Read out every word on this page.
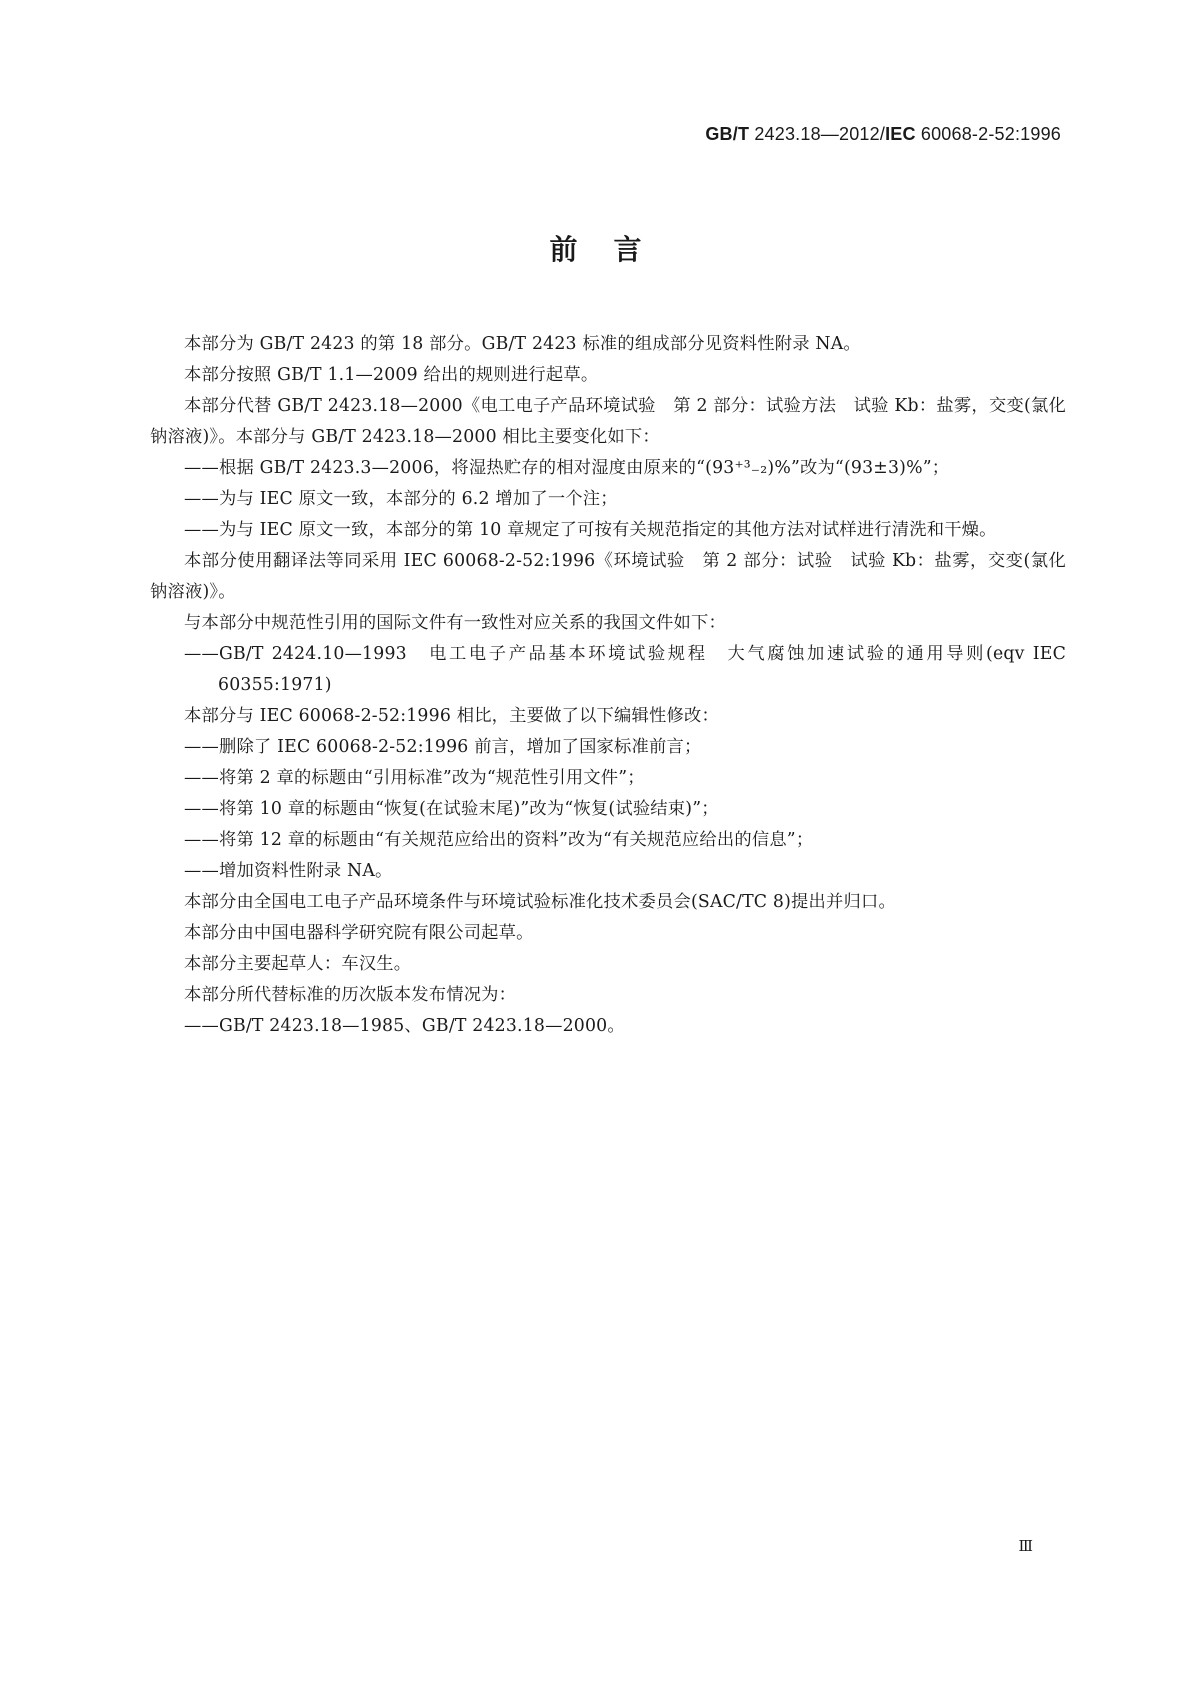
GB/T 2423.18—2012/IEC 60068-2-52:1996
前言

本部分为 GB/T 2423 的第 18 部分。GB/T 2423 标准的组成部分见资料性附录 NA。

本部分按照 GB/T 1.1—2009 给出的规则进行起草。

本部分代替 GB/T 2423.18—2000《电工电子产品环境试验　第 2 部分：试验方法　试验 Kb：盐雾，交变(氯化钠溶液)》。本部分与 GB/T 2423.18—2000 相比主要变化如下：

——根据 GB/T 2423.3—2006，将湿热贮存的相对湿度由原来的“(93⁺³₋₂)%”改为“(93±3)%”；

——为与 IEC 原文一致，本部分的 6.2 增加了一个注；

——为与 IEC 原文一致，本部分的第 10 章规定了可按有关规范指定的其他方法对试样进行清洗和干燥。

本部分使用翻译法等同采用 IEC 60068-2-52:1996《环境试验　第 2 部分：试验　试验 Kb：盐雾，交变(氯化钠溶液)》。

与本部分中规范性引用的国际文件有一致性对应关系的我国文件如下：

——GB/T 2424.10—1993　电工电子产品基本环境试验规程　大气腐蚀加速试验的通用导则(eqv IEC 60355:1971)

本部分与 IEC 60068-2-52:1996 相比，主要做了以下编辑性修改：

——删除了 IEC 60068-2-52:1996 前言，增加了国家标准前言；

——将第 2 章的标题由“引用标准”改为“规范性引用文件”；

——将第 10 章的标题由“恢复(在试验末尾)”改为“恢复(试验结束)”；

——将第 12 章的标题由“有关规范应给出的资料”改为“有关规范应给出的信息”；

——增加资料性附录 NA。

本部分由全国电工电子产品环境条件与环境试验标准化技术委员会(SAC/TC 8)提出并归口。

本部分由中国电器科学研究院有限公司起草。

本部分主要起草人：车汉生。

本部分所代替标准的历次版本发布情况为：

——GB/T 2423.18—1985、GB/T 2423.18—2000。

Ⅲ
